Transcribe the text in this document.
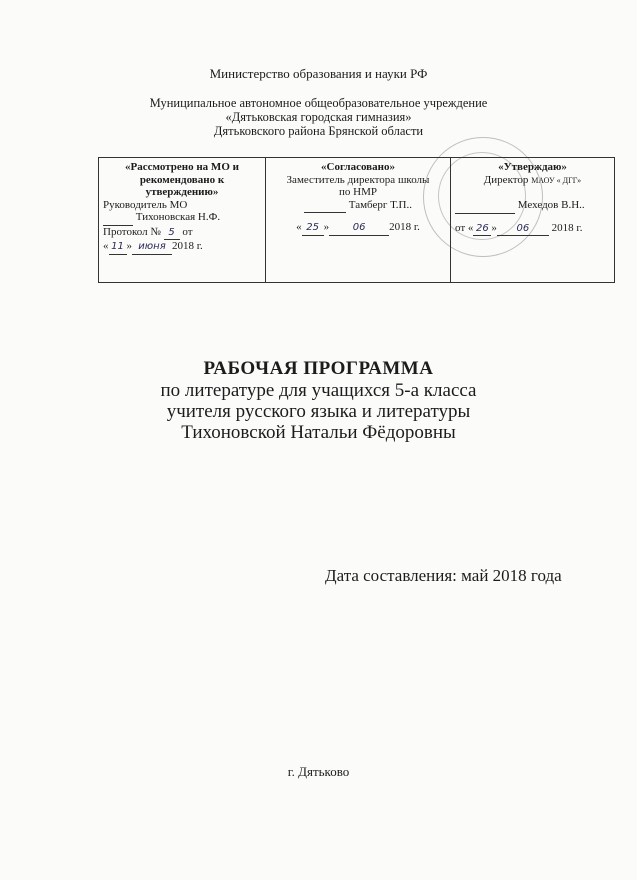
Министерство образования и науки РФ
Муниципальное автономное общеобразовательное учреждение
«Дятьковская городская гимназия»
Дятьковского района Брянской области
«Рассмотрено на МО и рекомендовано к утверждению»
Руководитель МО
Тихоновская Н.Ф.
Протокол № 5 от
« 11 » июня 2018 г.

«Согласовано»
Заместитель директора школы
по НМР
Тамберг Т.П..
« 25 » 06 2018 г.

«Утверждаю»
Директор МАОУ « ДГГ»
Мехедов В.Н..
от « 26 » 06 2018 г.
РАБОЧАЯ ПРОГРАММА
по литературе для учащихся 5-а класса
учителя русского языка и литературы
Тихоновской Натальи Фёдоровны
Дата составления: май 2018 года
г. Дятьково
